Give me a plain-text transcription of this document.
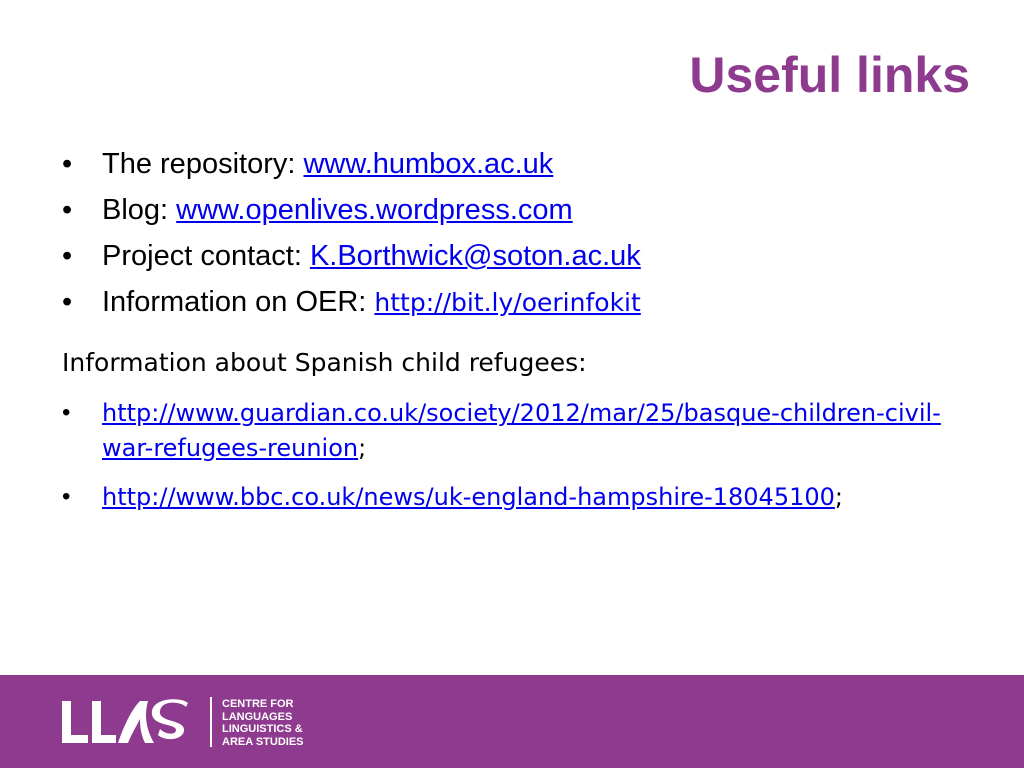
Useful links
• The repository: www.humbox.ac.uk
• Blog: www.openlives.wordpress.com
• Project contact: K.Borthwick@soton.ac.uk
• Information on OER: http://bit.ly/oerinfokit

Information about Spanish child refugees:

• http://www.guardian.co.uk/society/2012/mar/25/basque-children-civil-war-refugees-reunion;
• http://www.bbc.co.uk/news/uk-england-hampshire-18045100;
CENTRE FOR
LANGUAGES
LINGUISTICS &
AREA STUDIES
